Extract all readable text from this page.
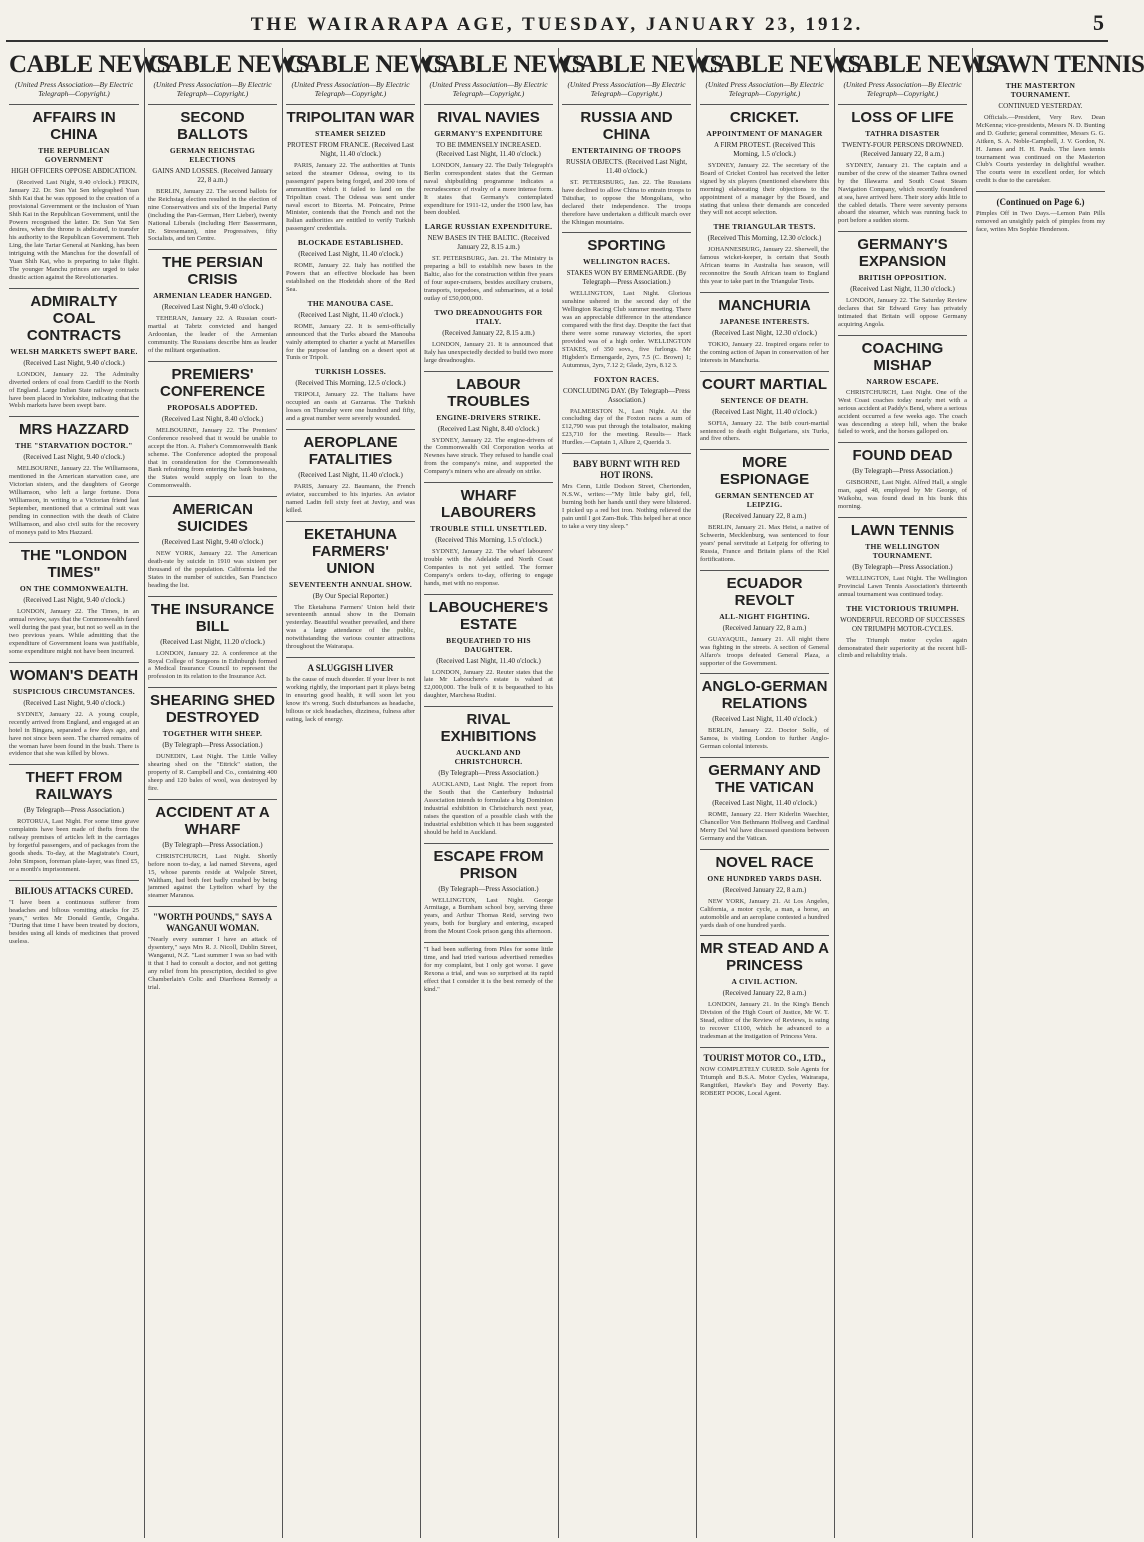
THE WAIRARAPA AGE, TUESDAY, JANUARY 23, 1912.	5
CABLE NEWS
(United Press Association—By Electric Telegraph—Copyright.)
AFFAIRS IN CHINA
THE REPUBLICAN GOVERNMENT
HIGH OFFICERS OPPOSE ABDICATION.

(Received Last Night, 9.40 o'clock.) PEKIN, January 22. Dr. Sun Yat Sen telegraphed Yuan Shih Kai that he was opposed to the creation of a provisional Government or the inclusion of Yuan Shih Kai in the Republican Government, until the Powers recognised the latter. Dr. Sun Yat Sen desires, when the throne is abdicated, to transfer his authority to the Republican Government. Tieh Ling, the late Tartar General at Nanking, has been intriguing with the Manchus for the downfall of Yuan Shih Kai, who is preparing to take flight. The younger Manchu princes are urged to take drastic action against the Revolutionaries.

ADMIRALTY COAL CONTRACTS
WELSH MARKETS SWEPT BARE.
(Received Last Night, 9.40 o'clock.)

LONDON, January 22. The Admiralty diverted orders of coal from Cardiff to the North of England. Large Indian State railway contracts have been placed in Yorkshire, indicating that the Welsh markets have been swept bare.

MRS HAZZARD
THE "STARVATION DOCTOR."
(Received Last Night, 9.40 o'clock.)

MELBOURNE, January 22. The Williamsons, mentioned in the American starvation case, are Victorian sisters, and the daughters of George Williamson, who left a large fortune. Dora Williamson, in writing to a Victorian friend last September, mentioned that a criminal suit was pending in connection with the death of Claire Williamson, and also civil suits for the recovery of moneys paid to Mrs Hazzard.

THE "LONDON TIMES"
ON THE COMMONWEALTH.
(Received Last Night, 9.40 o'clock.)

LONDON, January 22. The Times, in an annual review, says that the Commonwealth fared well during the past year, but not so well as in the two previous years. While admitting that the expenditure of Government loans was justifiable, some expenditure might not have been incurred.

WOMAN'S DEATH
SUSPICIOUS CIRCUMSTANCES.
(Received Last Night, 9.40 o'clock.)

SYDNEY, January 22. A young couple, recently arrived from England, and engaged at an hotel in Bingara, separated a few days ago, and have not since been seen. The charred remains of the woman have been found in the bush. There is evidence that she was killed by blows.

THEFT FROM RAILWAYS
(By Telegraph—Press Association.)

ROTORUA, Last Night. For some time grave complaints have been made of thefts from the railway premises of articles left in the carriages by forgetful passengers, and of packages from the goods sheds. To-day, at the Magistrate's Court, John Simpson, foreman plate-layer, was fined £5, or a month's imprisonment.

BILIOUS ATTACKS CURED.
"I have been a continuous sufferer from headaches and bilious vomiting attacks for 25 years," writes Mr Donald Gentle, Ongaha. "During that time I have been treated by doctors, besides using all kinds of medicines that proved useless.
CABLE NEWS
(United Press Association—By Electric Telegraph—Copyright.)
SECOND BALLOTS
GERMAN REICHSTAG ELECTIONS
GAINS AND LOSSES. (Received January 22, 8 a.m.)

BERLIN, January 22. The second ballots for the Reichstag election resulted in the election of nine Conservatives and six of the Imperial Party (including the Pan-German, Herr Lieber), twenty National Liberals (including Herr Bassermann, Dr. Stresemann), nine Progressives, fifty Socialists, and ten Centre.

THE PERSIAN CRISIS
ARMENIAN LEADER HANGED.
(Received Last Night, 9.40 o'clock.)

TEHERAN, January 22. A Russian court-martial at Tabriz convicted and hanged Ardoonian, the leader of the Armenian community. The Russians describe him as leader of the militant organisation.

PREMIERS' CONFERENCE
PROPOSALS ADOPTED.
(Received Last Night, 8.40 o'clock.)

MELBOURNE, January 22. The Premiers' Conference resolved that it would be unable to accept the Hon. A. Fisher's Commonwealth Bank scheme. The Conference adopted the proposal that in consideration for the Commonwealth Bank refraining from entering the bank business, the States would supply on loan to the Commonwealth.

AMERICAN SUICIDES
(Received Last Night, 9.40 o'clock.)

NEW YORK, January 22. The American death-rate by suicide in 1910 was sixteen per thousand of the population. California led the States in the number of suicides, San Francisco heading the list.

THE INSURANCE BILL
(Received Last Night, 11.20 o'clock.)

LONDON, January 22. A conference at the Royal College of Surgeons in Edinburgh formed a Medical Insurance Council to represent the profession in its relation to the Insurance Act.

SHEARING SHED DESTROYED
TOGETHER WITH SHEEP.
(By Telegraph—Press Association.)

DUNEDIN, Last Night. The Little Valley shearing shed on the "Ettrick" station, the property of R. Campbell and Co., containing 400 sheep and 120 bales of wool, was destroyed by fire.

ACCIDENT AT A WHARF
(By Telegraph—Press Association.)

CHRISTCHURCH, Last Night. Shortly before noon to-day, a lad named Stevens, aged 15, whose parents reside at Walpole Street, Waltham, had both feet badly crushed by being jammed against the Lyttelton wharf by the steamer Maranoa.

"WORTH POUNDS," SAYS A WANGANUI WOMAN.
"Nearly every summer I have an attack of dysentery," says Mrs R. J. Nicoll, Dublin Street, Wanganui, N.Z. "Last summer I was so bad with it that I had to consult a doctor, and not getting any relief from his prescription, decided to give Chamberlain's Colic and Diarrhoea Remedy a trial.
CABLE NEWS
(United Press Association—By Electric Telegraph—Copyright.)
TRIPOLITAN WAR
STEAMER SEIZED
PROTEST FROM FRANCE. (Received Last Night, 11.40 o'clock.)

PARIS, January 22. The authorities at Tunis seized the steamer Odessa, owing to its passengers' papers being forged, and 200 tons of ammunition which it failed to land on the Tripolitan coast. The Odessa was sent under naval escort to Bizerta. M. Poincaire, Prime Minister, contends that the French and not the Italian authorities are entitled to verify Turkish passengers' credentials.

BLOCKADE ESTABLISHED.
(Received Last Night, 11.40 o'clock.)

ROME, January 22. Italy has notified the Powers that an effective blockade has been established on the Hodeidah shore of the Red Sea.

THE MANOUBA CASE.
(Received Last Night, 11.40 o'clock.)

ROME, January 22. It is semi-officially announced that the Turks aboard the Manouba vainly attempted to charter a yacht at Marseilles for the purpose of landing on a desert spot at Tunis or Tripoli.

TURKISH LOSSES.
(Received This Morning, 12.5 o'clock.)

TRIPOLI, January 22. The Italians have occupied an oasis at Garzarua. The Turkish losses on Thursday were one hundred and fifty, and a great number were severely wounded.

AEROPLANE FATALITIES
(Received Last Night, 11.40 o'clock.)

PARIS, January 22. Baumann, the French aviator, succumbed to his injuries. An aviator named Ladin fell sixty feet at Juvisy, and was killed.

EKETAHUNA FARMERS' UNION
SEVENTEENTH ANNUAL SHOW.
(By Our Special Reporter.)

The Eketahuna Farmers' Union held their seventeenth annual show in the Domain yesterday. Beautiful weather prevailed, and there was a large attendance of the public, notwithstanding the various counter attractions throughout the Wairarapa.

A SLUGGISH LIVER
Is the cause of much disorder. If your liver is not working rightly, the important part it plays being in ensuring good health, it will soon let you know it's wrong. Such disturbances as headache, bilious or sick headaches, dizziness, fulness after eating, lack of energy.
CABLE NEWS
(United Press Association—By Electric Telegraph—Copyright.)
RIVAL NAVIES
GERMANY'S EXPENDITURE
TO BE IMMENSELY INCREASED. (Received Last Night, 11.40 o'clock.)

LONDON, January 22. The Daily Telegraph's Berlin correspondent states that the German naval shipbuilding programme indicates a recrudescence of rivalry of a more intense form. It states that Germany's contemplated expenditure for 1911-12, under the 1900 law, has been doubled.

LARGE RUSSIAN EXPENDITURE.
NEW BASES IN THE BALTIC. (Received January 22, 8.15 a.m.)

ST. PETERSBURG, Jan. 21. The Ministry is preparing a bill to establish new bases in the Baltic, also for the construction within five years of four super-cruisers, besides auxiliary cruisers, transports, torpedoes, and submarines, at a total outlay of £50,000,000.

TWO DREADNOUGHTS FOR ITALY.
(Received January 22, 8.15 a.m.)

LONDON, January 21. It is announced that Italy has unexpectedly decided to build two more large dreadnoughts.

LABOUR TROUBLES
ENGINE-DRIVERS STRIKE.
(Received Last Night, 8.40 o'clock.)

SYDNEY, January 22. The engine-drivers of the Commonwealth Oil Corporation works at Newnes have struck. They refused to handle coal from the company's mine, and supported the Company's miners who are already on strike.

WHARF LABOURERS
TROUBLE STILL UNSETTLED.
(Received This Morning, 1.5 o'clock.)

SYDNEY, January 22. The wharf labourers' trouble with the Adelaide and North Coast Companies is not yet settled. The former Company's orders to-day, offering to engage hands, met with no response.

LABOUCHERE'S ESTATE
BEQUEATHED TO HIS DAUGHTER.
(Received Last Night, 11.40 o'clock.)

LONDON, January 22. Reuter states that the late Mr Labouchere's estate is valued at £2,000,000. The bulk of it is bequeathed to his daughter, Marchesa Rudini.

RIVAL EXHIBITIONS
AUCKLAND AND CHRISTCHURCH.
(By Telegraph—Press Association.)

AUCKLAND, Last Night. The report from the South that the Canterbury Industrial Association intends to formulate a big Dominion industrial exhibition in Christchurch next year, raises the question of a possible clash with the industrial exhibition which it has been suggested should be held in Auckland.

ESCAPE FROM PRISON
(By Telegraph—Press Association.)

WELLINGTON, Last Night. George Armitage, a Burnham school boy, serving three years, and Arthur Thomas Reid, serving two years, both for burglary and entering, escaped from the Mount Cook prison gang this afternoon.

"I had been suffering from Piles for some little time, and had tried various advertised remedies for my complaint, but I only got worse. I gave Rexona a trial, and was so surprised at its rapid effect that I consider it is the best remedy of the kind."
CABLE NEWS
(United Press Association—By Electric Telegraph—Copyright.)
RUSSIA AND CHINA
ENTERTAINING OF TROOPS
RUSSIA OBJECTS. (Received Last Night, 11.40 o'clock.)

ST. PETERSBURG, Jan. 22. The Russians have declined to allow China to entrain troops to Tsitsihar, to oppose the Mongolians, who declared their independence. The troops therefore have undertaken a difficult march over the Khingan mountains.

SPORTING
WELLINGTON RACES.
STAKES WON BY ERMENGARDE. (By Telegraph—Press Association.)

WELLINGTON, Last Night. Glorious sunshine ushered in the second day of the Wellington Racing Club summer meeting. There was an appreciable difference in the attendance compared with the first day. Despite the fact that there were some runaway victories, the sport provided was of a high order. WELLINGTON STAKES, of 350 sovs., five furlongs. Mr Higbden's Ermengarde, 2yrs, 7.5 (C. Brown) 1; Autumnus, 2yrs, 7.12 2; Glade, 2yrs, 8.12 3.

FOXTON RACES.
CONCLUDING DAY. (By Telegraph—Press Association.)

PALMERSTON N., Last Night. At the concluding day of the Foxton races a sum of £12,790 was put through the totalisator, making £23,710 for the meeting. Results— Hack Hurdles.—Captain 1, Allure 2, Querida 3.

BABY BURNT WITH RED HOT IRONS.
Mrs Cenn, Little Dodson Street, Chertonden, N.S.W., writes:—"My little baby girl, fell, burning both her hands until they were blistered. I picked up a red hot iron. Nothing relieved the pain until I got Zam-Buk. This helped her at once to take a very tiny sleep."
CABLE NEWS
(United Press Association—By Electric Telegraph—Copyright.)
CRICKET.
APPOINTMENT OF MANAGER
A FIRM PROTEST. (Received This Morning, 1.5 o'clock.)

SYDNEY, January 22. The secretary of the Board of Cricket Control has received the letter signed by six players (mentioned elsewhere this morning) elaborating their objections to the appointment of a manager by the Board, and stating that unless their demands are conceded they will not accept selection.

THE TRIANGULAR TESTS.
(Received This Morning, 12.30 o'clock.)

JOHANNESBURG, January 22. Sherwell, the famous wicket-keeper, is certain that South African teams in Australia has season, will reconnoitre the South African team to England this year to take part in the Triangular Tests.

MANCHURIA
JAPANESE INTERESTS.
(Received Last Night, 12.30 o'clock.)

TOKIO, January 22. Inspired organs refer to the coming action of Japan in conservation of her interests in Manchuria.

COURT MARTIAL
SENTENCE OF DEATH.
(Received Last Night, 11.40 o'clock.)

SOFIA, January 22. The Istib court-martial sentenced to death eight Bulgarians, six Turks, and five others.

MORE ESPIONAGE
GERMAN SENTENCED AT LEIPZIG.
(Received January 22, 8 a.m.)

BERLIN, January 21. Max Heist, a native of Schwerin, Mecklenburg, was sentenced to four years' penal servitude at Leipzig for offering to Russia, France and Britain plans of the Kiel fortifications.

ECUADOR REVOLT
ALL-NIGHT FIGHTING.
(Received January 22, 8 a.m.)

GUAYAQUIL, January 21. All night there was fighting in the streets. A section of General Alfaro's troops defeated General Plaza, a supporter of the Government.

ANGLO-GERMAN RELATIONS
(Received Last Night, 11.40 o'clock.)

BERLIN, January 22. Doctor Solfe, of Samoa, is visiting London to further Anglo-German colonial interests.

GERMANY AND THE VATICAN
(Received Last Night, 11.40 o'clock.)

ROME, January 22. Herr Kiderlin Waechter, Chancellor Von Bethmann Hollweg and Cardinal Merry Del Val have discussed questions between Germany and the Vatican.

NOVEL RACE
ONE HUNDRED YARDS DASH.
(Received January 22, 8 a.m.)

NEW YORK, January 21. At Los Angeles, California, a motor cycle, a man, a horse, an automobile and an aeroplane contested a hundred yards dash of one hundred yards.

MR STEAD AND A PRINCESS
A CIVIL ACTION.
(Received January 22, 8 a.m.)

LONDON, January 21. In the King's Bench Division of the High Court of Justice, Mr W. T. Stead, editor of the Review of Reviews, is suing to recover £1100, which he advanced to a tradesman at the instigation of Princess Vera.

TOURIST MOTOR CO., LTD.,
NOW COMPLETELY CURED. Sole Agents for Triumph and B.S.A. Motor Cycles, Wairarapa, Rangitikei, Hawke's Bay and Poverty Bay. ROBERT POOK, Local Agent.
CABLE NEWS
(United Press Association—By Electric Telegraph—Copyright.)
LOSS OF LIFE
TATHRA DISASTER
TWENTY-FOUR PERSONS DROWNED. (Received January 22, 8 a.m.)

SYDNEY, January 21. The captain and a number of the crew of the steamer Tathra owned by the Illawarra and South Coast Steam Navigation Company, which recently foundered at sea, have arrived here. Their story adds little to the cabled details. There were seventy persons aboard the steamer, which was running back to port before a sudden storm.

GERMANY'S EXPANSION
BRITISH OPPOSITION.
(Received Last Night, 11.30 o'clock.)

LONDON, January 22. The Saturday Review declares that Sir Edward Grey has privately intimated that Britain will oppose Germany acquiring Angola.

COACHING MISHAP
NARROW ESCAPE.

CHRISTCHURCH, Last Night. One of the West Coast coaches today nearly met with a serious accident at Paddy's Bend, where a serious accident occurred a few weeks ago. The coach was descending a steep hill, when the brake failed to work, and the horses galloped on.

FOUND DEAD
(By Telegraph—Press Association.)

GISBORNE, Last Night. Alfred Hall, a single man, aged 48, employed by Mr George, of Waikohu, was found dead in his bunk this morning.

LAWN TENNIS
THE WELLINGTON TOURNAMENT.
(By Telegraph—Press Association.)

WELLINGTON, Last Night. The Wellington Provincial Lawn Tennis Association's thirteenth annual tournament was continued today.

THE VICTORIOUS TRIUMPH.
WONDERFUL RECORD OF SUCCESSES ON TRIUMPH MOTOR-CYCLES.

The Triumph motor cycles again demonstrated their superiority at the recent hill-climb and reliability trials.

LAWN TENNIS
THE MASTERTON TOURNAMENT.
CONTINUED YESTERDAY.

Officials.—President, Very Rev. Dean McKenna; vice-presidents, Messrs N. D. Bunting and D. Guthrie; general committee, Messrs G. G. Aitken, S. A. Noble-Campbell, J. V. Gordon, N. H. James and H. H. Pauls. The lawn tennis tournament was continued on the Masterton Club's Courts yesterday in delightful weather. The courts were in excellent order, for which credit is due to the caretaker.

(Continued on Page 6.)
Pimples Off in Two Days.—Lemon Pain Pills removed an unsightly patch of pimples from my face, writes Mrs Sophie Henderson.
